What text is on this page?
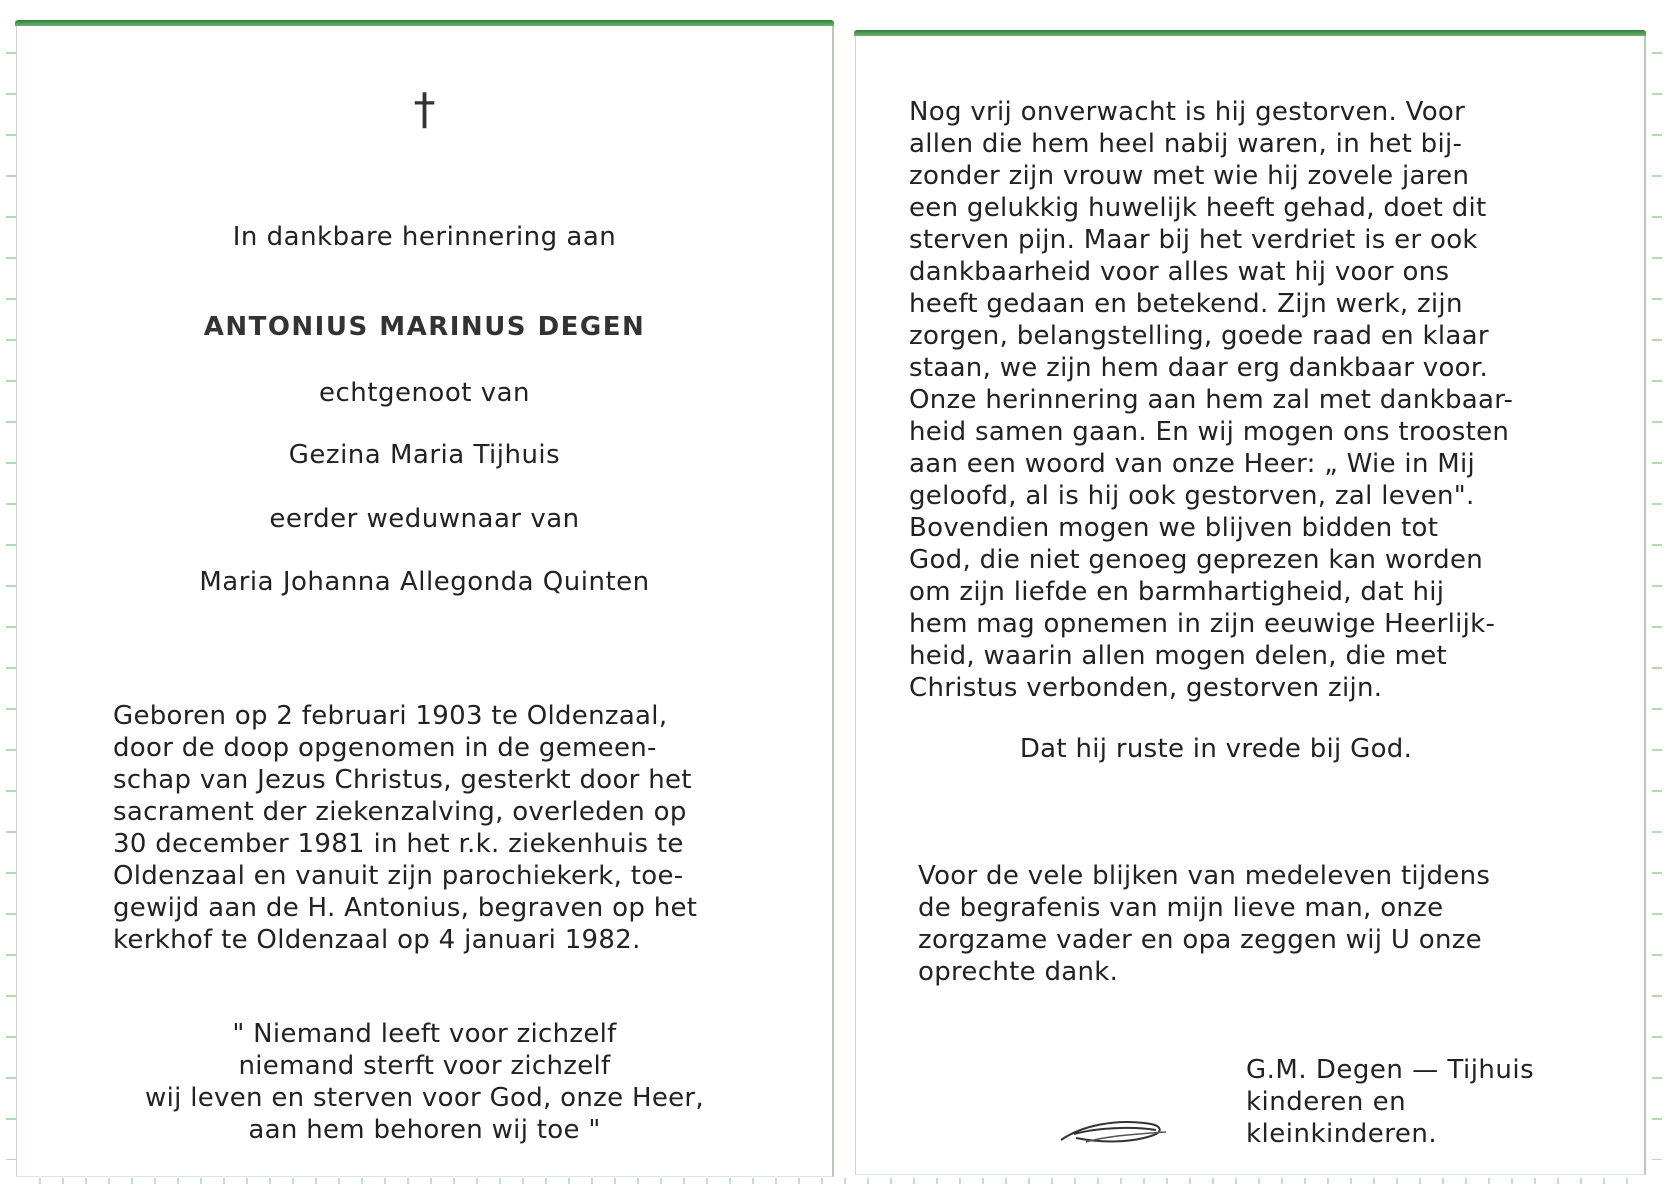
†
In dankbare herinnering aan
ANTONIUS MARINUS DEGEN
echtgenoot van
Gezina Maria Tijhuis
eerder weduwnaar van
Maria Johanna Allegonda Quinten
Geboren op 2 februari 1903 te Oldenzaal,
door de doop opgenomen in de gemeen-
schap van Jezus Christus, gesterkt door het
sacrament der ziekenzalving, overleden op
30 december 1981 in het r.k. ziekenhuis te
Oldenzaal en vanuit zijn parochiekerk, toe-
gewijd aan de H. Antonius, begraven op het
kerkhof te Oldenzaal op 4 januari 1982.
" Niemand leeft voor zichzelf
niemand sterft voor zichzelf
wij leven en sterven voor God, onze Heer,
aan hem behoren wij toe "
Nog vrij onverwacht is hij gestorven. Voor
allen die hem heel nabij waren, in het bij-
zonder zijn vrouw met wie hij zovele jaren
een gelukkig huwelijk heeft gehad, doet dit
sterven pijn. Maar bij het verdriet is er ook
dankbaarheid voor alles wat hij voor ons
heeft gedaan en betekend. Zijn werk, zijn
zorgen, belangstelling, goede raad en klaar
staan, we zijn hem daar erg dankbaar voor.
Onze herinnering aan hem zal met dankbaar-
heid samen gaan. En wij mogen ons troosten
aan een woord van onze Heer: „ Wie in Mij
geloofd, al is hij ook gestorven, zal leven".
Bovendien mogen we blijven bidden tot
God, die niet genoeg geprezen kan worden
om zijn liefde en barmhartigheid, dat hij
hem mag opnemen in zijn eeuwige Heerlijk-
heid, waarin allen mogen delen, die met
Christus verbonden, gestorven zijn.
Dat hij ruste in vrede bij God.
Voor de vele blijken van medeleven tijdens
de begrafenis van mijn lieve man, onze
zorgzame vader en opa zeggen wij U onze
oprechte dank.
G.M. Degen — Tijhuis
kinderen en
kleinkinderen.
